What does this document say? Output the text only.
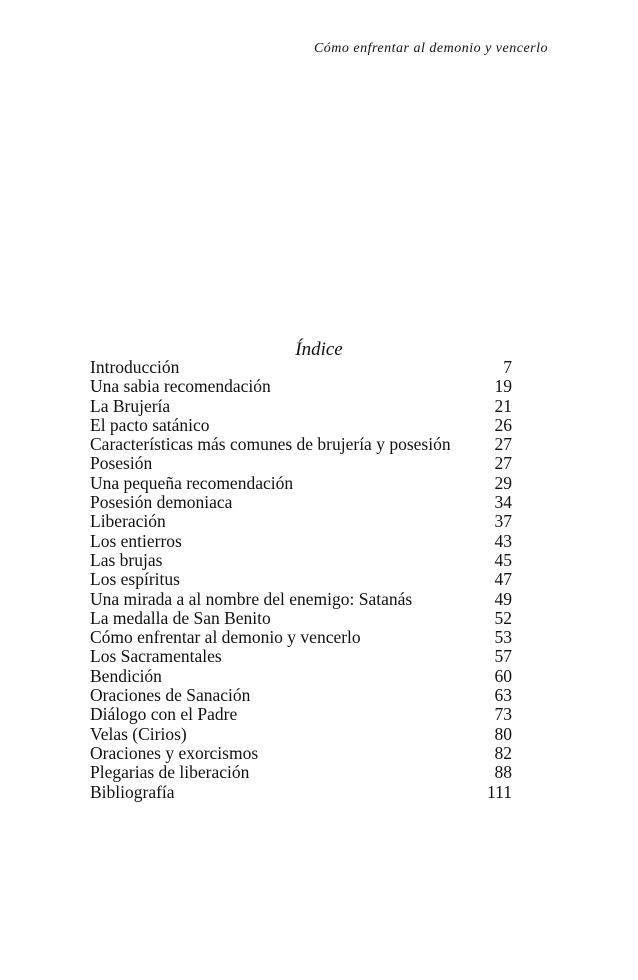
Cómo enfrentar al demonio y vencerlo
Índice
Introducción	7
Una sabia recomendación	19
La Brujería	21
El pacto satánico	26
Características más comunes de brujería y posesión	27
Posesión	27
Una pequeña recomendación	29
Posesión demoniaca	34
Liberación	37
Los entierros	43
Las brujas	45
Los espíritus	47
Una mirada a al nombre del enemigo: Satanás	49
La medalla de San Benito	52
Cómo enfrentar al demonio y vencerlo	53
Los Sacramentales	57
Bendición	60
Oraciones de Sanación	63
Diálogo con el Padre	73
Velas (Cirios)	80
Oraciones y exorcismos	82
Plegarias de liberación	88
Bibliografía	111
